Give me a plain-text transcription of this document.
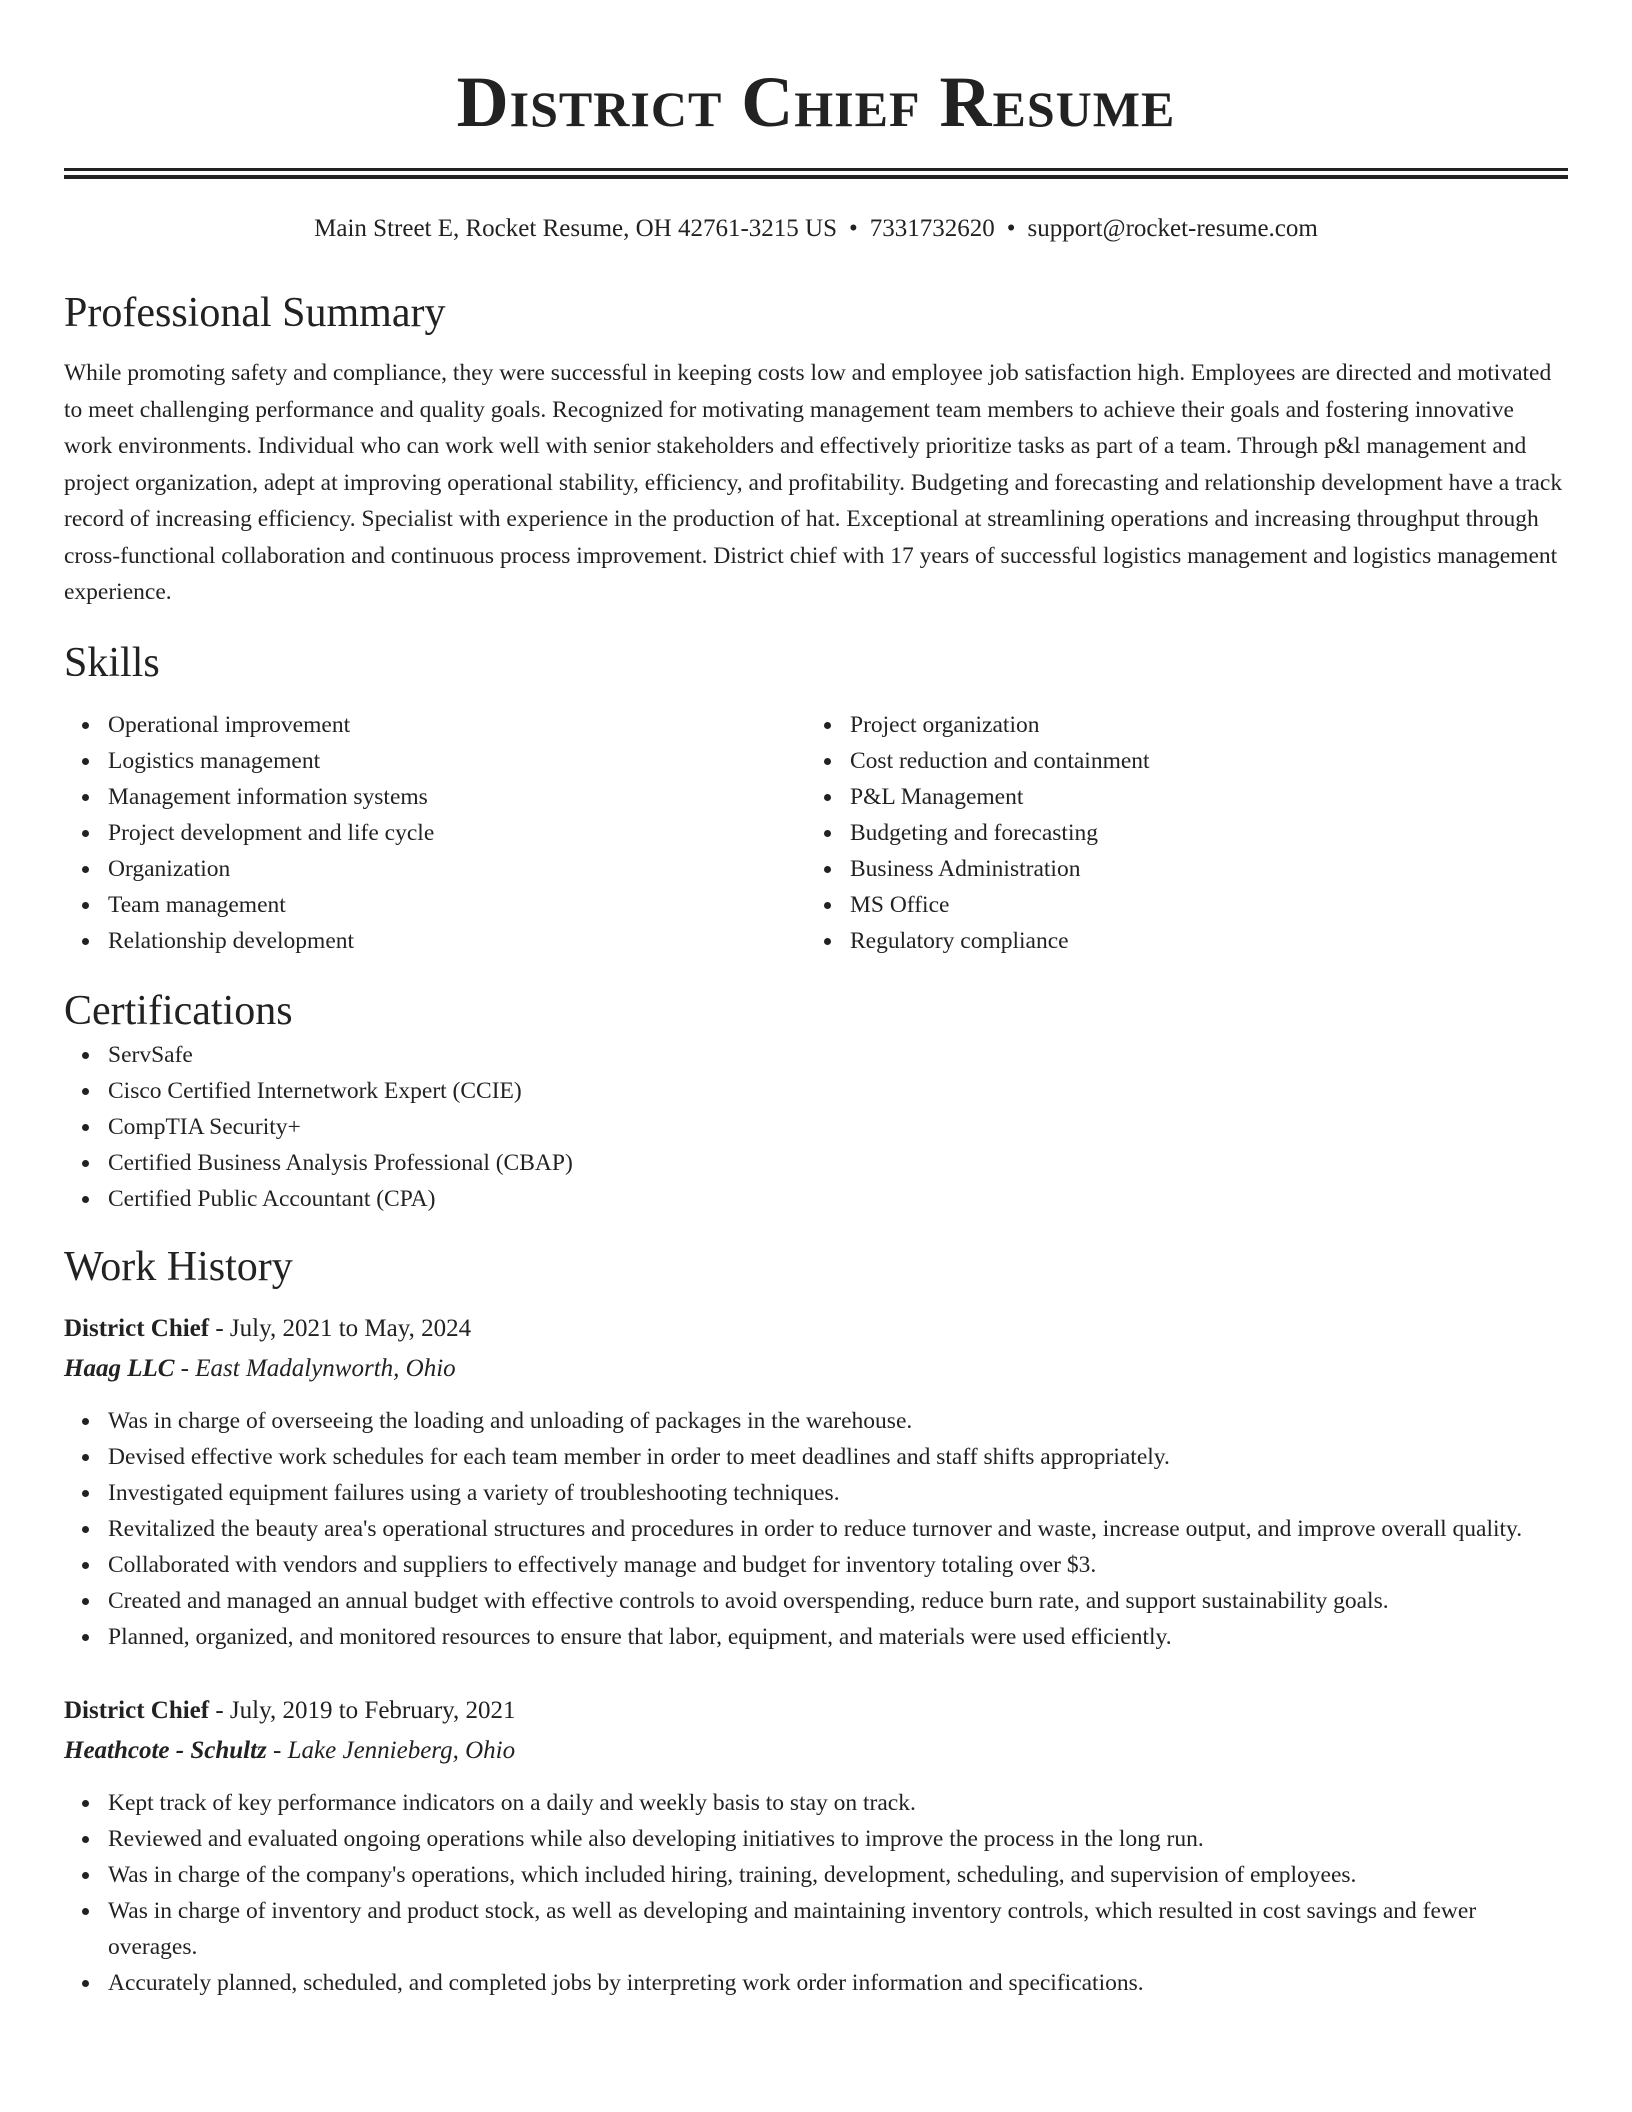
District Chief Resume
Main Street E, Rocket Resume, OH 42761-3215 US • 7331732620 • support@rocket-resume.com
Professional Summary

While promoting safety and compliance, they were successful in keeping costs low and employee job satisfaction high. Employees are directed and motivated to meet challenging performance and quality goals. Recognized for motivating management team members to achieve their goals and fostering innovative work environments. Individual who can work well with senior stakeholders and effectively prioritize tasks as part of a team. Through p&l management and project organization, adept at improving operational stability, efficiency, and profitability. Budgeting and forecasting and relationship development have a track record of increasing efficiency. Specialist with experience in the production of hat. Exceptional at streamlining operations and increasing throughput through cross-functional collaboration and continuous process improvement. District chief with 17 years of successful logistics management and logistics management experience.

Skills
Operational improvement
Logistics management
Management information systems
Project development and life cycle
Organization
Team management
Relationship development
Project organization
Cost reduction and containment
P&L Management
Budgeting and forecasting
Business Administration
MS Office
Regulatory compliance
Certifications
ServSafe
Cisco Certified Internetwork Expert (CCIE)
CompTIA Security+
Certified Business Analysis Professional (CBAP)
Certified Public Accountant (CPA)
Work History
District Chief - July, 2021 to May, 2024
Haag LLC - East Madalynworth, Ohio
Was in charge of overseeing the loading and unloading of packages in the warehouse.
Devised effective work schedules for each team member in order to meet deadlines and staff shifts appropriately.
Investigated equipment failures using a variety of troubleshooting techniques.
Revitalized the beauty area's operational structures and procedures in order to reduce turnover and waste, increase output, and improve overall quality.
Collaborated with vendors and suppliers to effectively manage and budget for inventory totaling over $3.
Created and managed an annual budget with effective controls to avoid overspending, reduce burn rate, and support sustainability goals.
Planned, organized, and monitored resources to ensure that labor, equipment, and materials were used efficiently.
District Chief - July, 2019 to February, 2021
Heathcote - Schultz - Lake Jennieberg, Ohio
Kept track of key performance indicators on a daily and weekly basis to stay on track.
Reviewed and evaluated ongoing operations while also developing initiatives to improve the process in the long run.
Was in charge of the company's operations, which included hiring, training, development, scheduling, and supervision of employees.
Was in charge of inventory and product stock, as well as developing and maintaining inventory controls, which resulted in cost savings and fewer overages.
Accurately planned, scheduled, and completed jobs by interpreting work order information and specifications.
